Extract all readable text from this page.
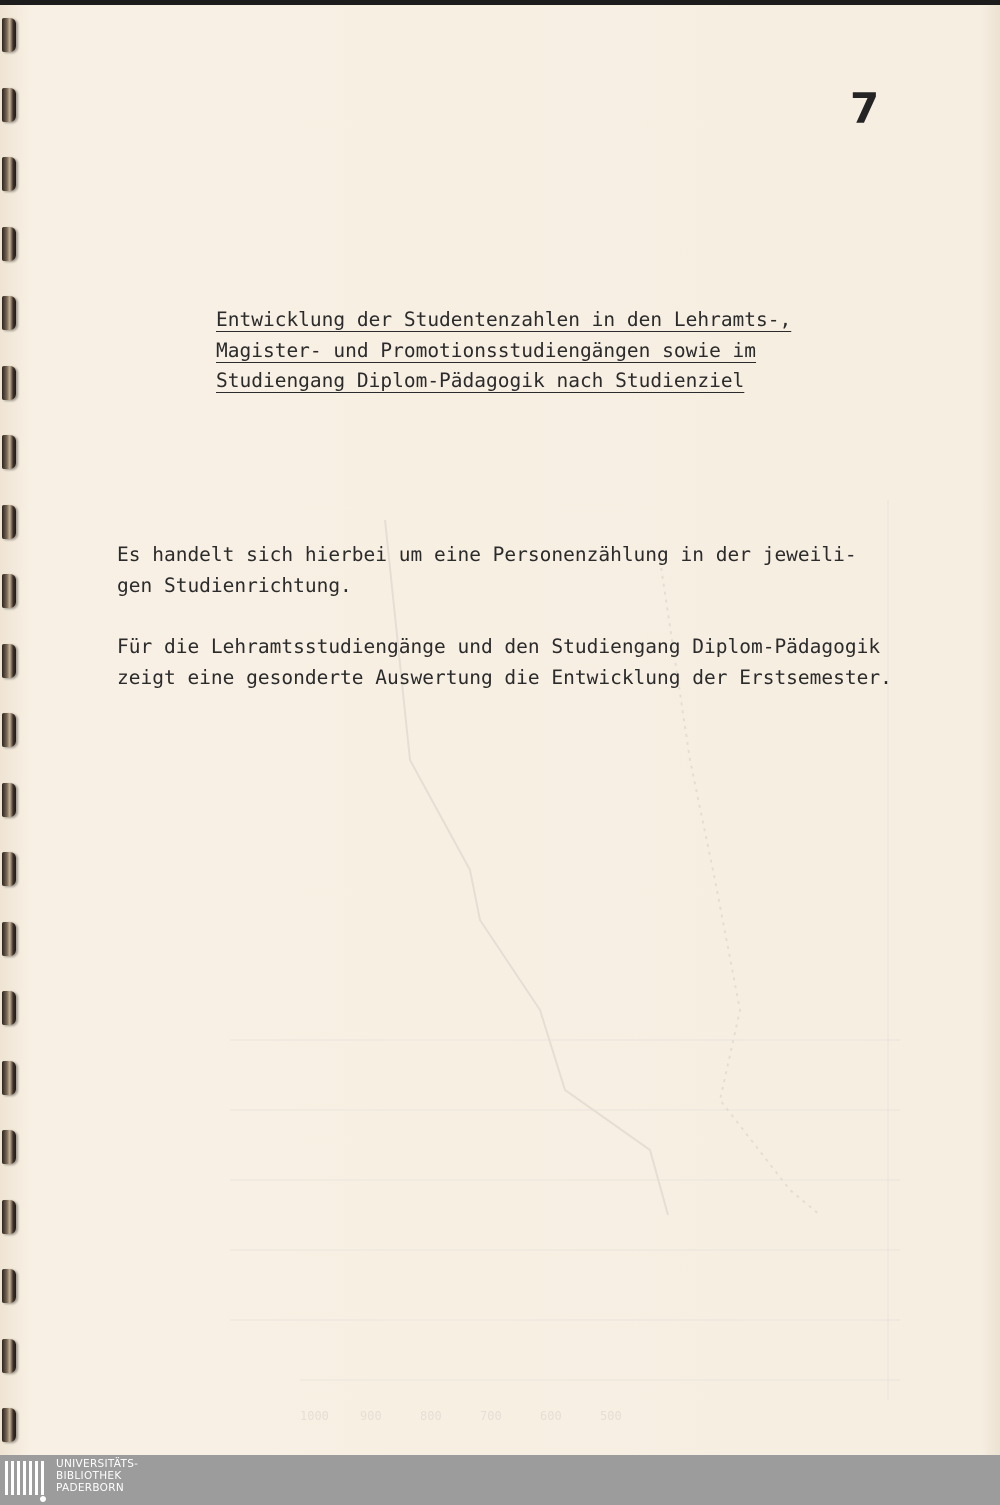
1000	900	800	700	600	500
7
Entwicklung der Studentenzahlen in den Lehramts-,
Magister- und Promotionsstudiengängen sowie im
Studiengang Diplom-Pädagogik nach Studienziel
Es handelt sich hierbei um eine Personenzählung in der jeweili-
gen Studienrichtung.
Für die Lehramtsstudiengänge und den Studiengang Diplom-Pädagogik
zeigt eine gesonderte Auswertung die Entwicklung der Erstsemester.
UNIVERSITÄTS-
BIBLIOTHEK
PADERBORN
